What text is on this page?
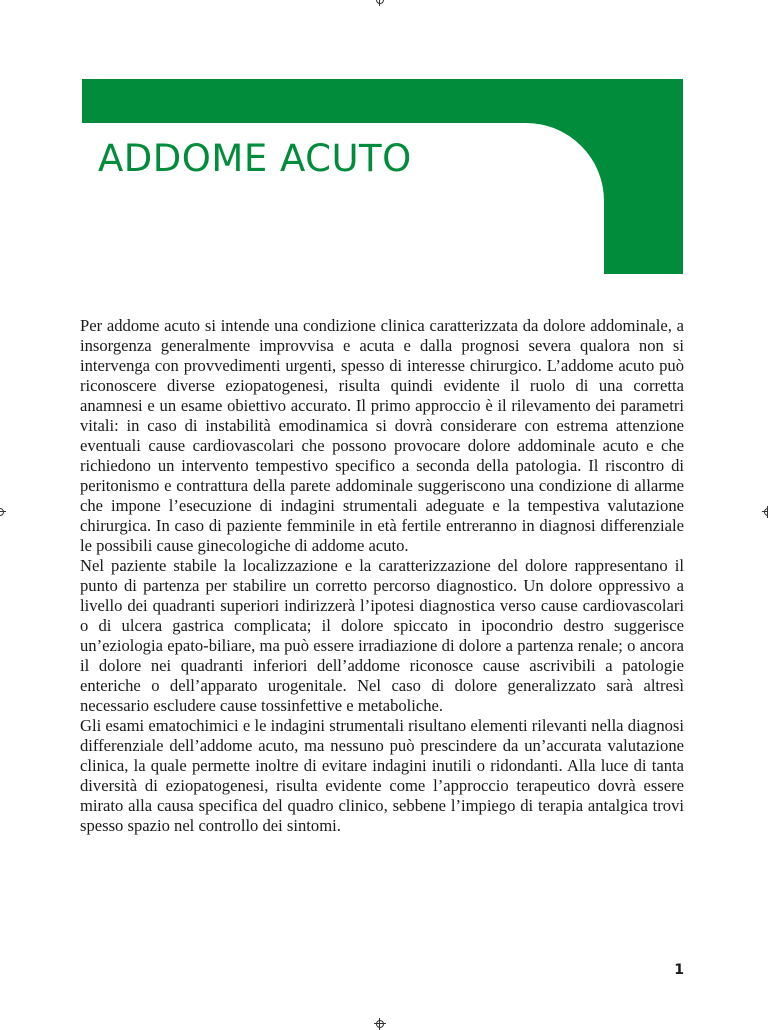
ADDOME ACUTO

Per addome acuto si intende una condizione clinica caratterizzata da dolore addominale, a insorgenza generalmente improvvisa e acuta e dalla prognosi severa qualora non si intervenga con provvedimenti urgenti, spesso di interesse chirurgico. L’addome acuto può riconoscere diverse eziopatogenesi, risulta quindi evidente il ruolo di una corretta anamnesi e un esame obiettivo accurato. Il primo approccio è il rilevamento dei parametri vitali: in caso di instabilità emodinamica si dovrà considerare con estrema attenzione eventuali cause cardiovascolari che possono provocare dolore addominale acuto e che richiedono un intervento tempestivo specifico a seconda della patologia. Il riscontro di peritonismo e contrattura della parete addominale suggeriscono una condizione di allarme che impone l’esecuzione di indagini strumentali adeguate e la tempestiva valutazione chirurgica. In caso di paziente femminile in età fertile entreranno in diagnosi differenziale le possibili cause ginecologiche di addome acuto.

Nel paziente stabile la localizzazione e la caratterizzazione del dolore rappresentano il punto di partenza per stabilire un corretto percorso diagnostico. Un dolore oppressivo a livello dei quadranti superiori indirizzerà l’ipotesi diagnostica verso cause cardiovascolari o di ulcera gastrica complicata; il dolore spiccato in ipocondrio destro suggerisce un’eziologia epato-biliare, ma può essere irradiazione di dolore a partenza renale; o ancora il dolore nei quadranti inferiori dell’addome riconosce cause ascrivibili a patologie enteriche o dell’apparato urogenitale. Nel caso di dolore generalizzato sarà altresì necessario escludere cause tossinfettive e metaboliche.

Gli esami ematochimici e le indagini strumentali risultano elementi rilevanti nella diagnosi differenziale dell’addome acuto, ma nessuno può prescindere da un’accurata valutazione clinica, la quale permette inoltre di evitare indagini inutili o ridondanti. Alla luce di tanta diversità di eziopatogenesi, risulta evidente come l’approccio terapeutico dovrà essere mirato alla causa specifica del quadro clinico, sebbene l’impiego di terapia antalgica trovi spesso spazio nel controllo dei sintomi.

1
